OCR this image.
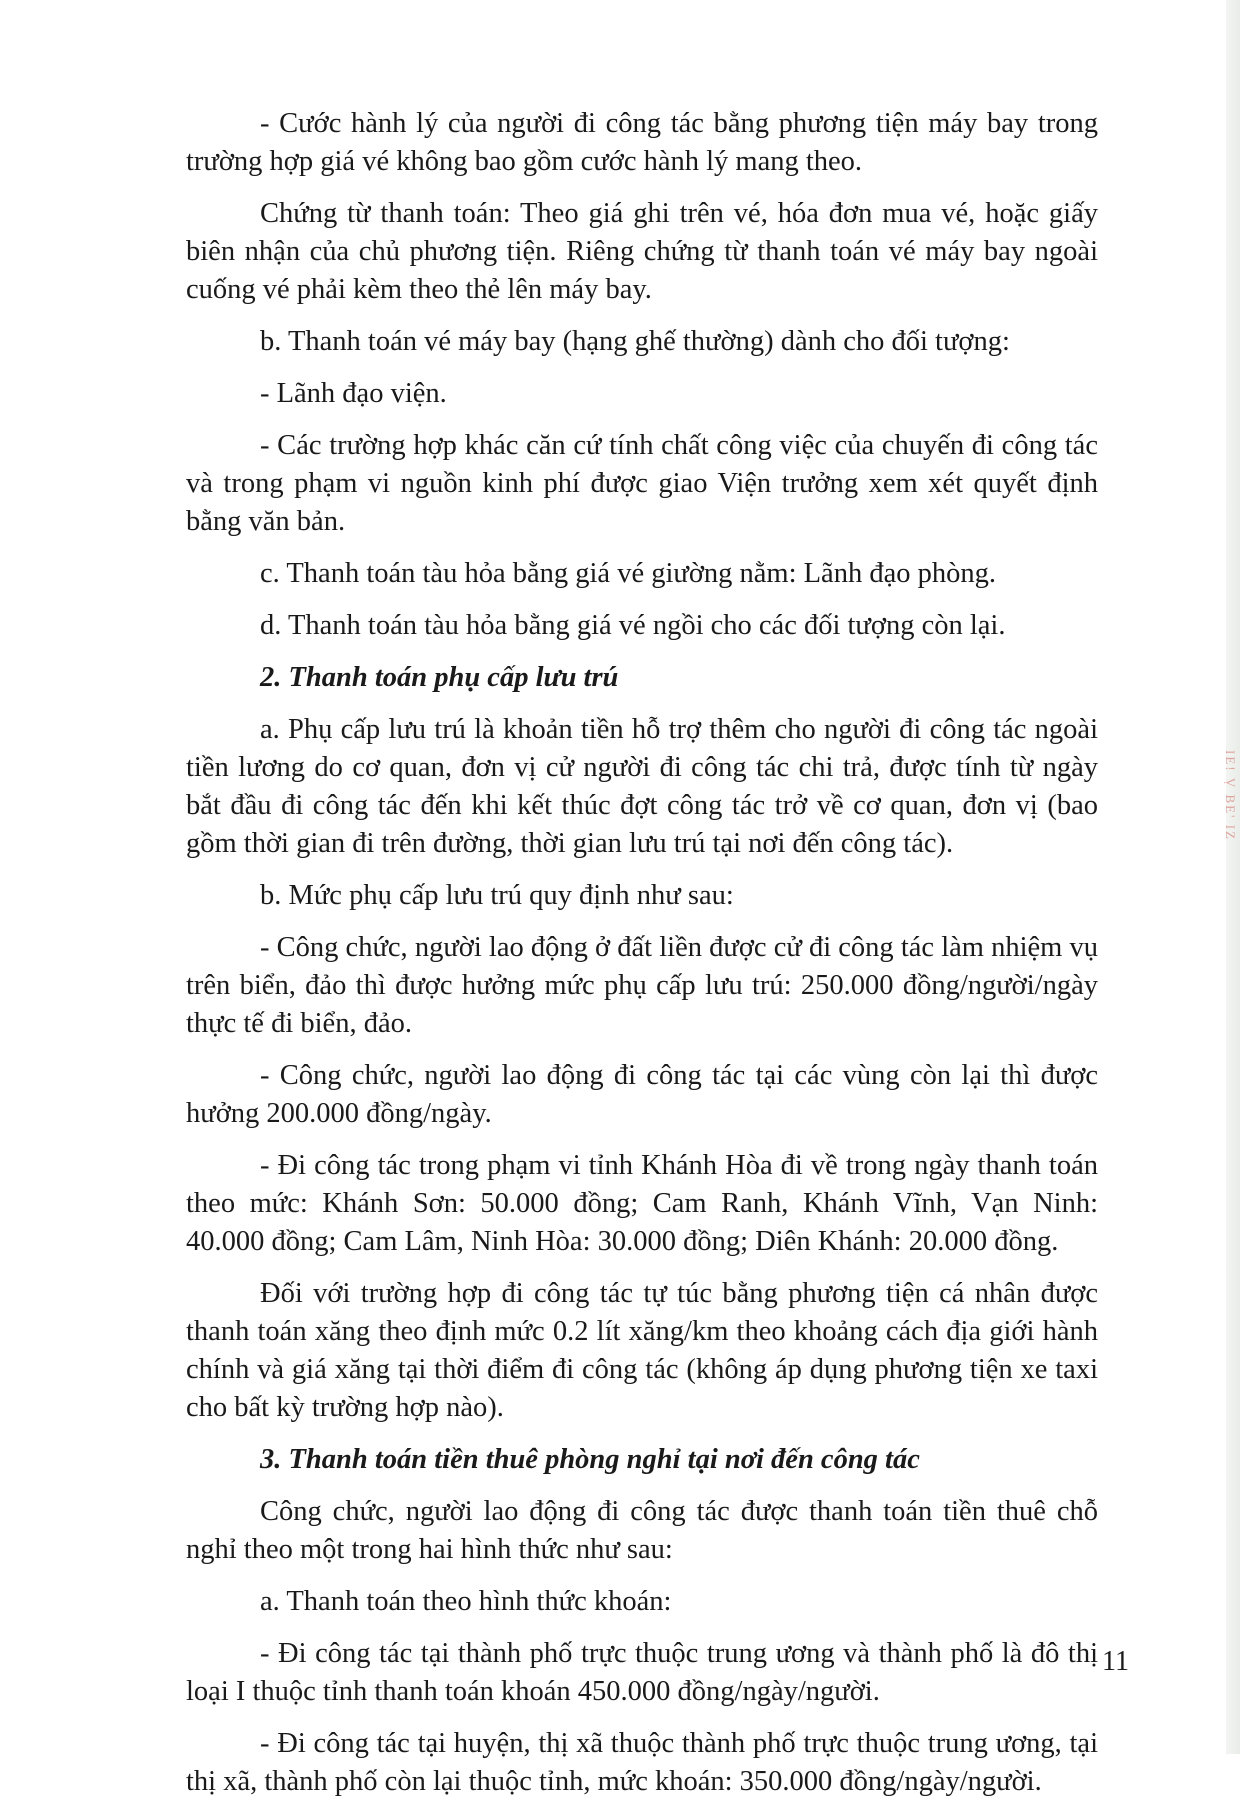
- Cước hành lý của người đi công tác bằng phương tiện máy bay trong trường hợp giá vé không bao gồm cước hành lý mang theo.

Chứng từ thanh toán: Theo giá ghi trên vé, hóa đơn mua vé, hoặc giấy biên nhận của chủ phương tiện. Riêng chứng từ thanh toán vé máy bay ngoài cuống vé phải kèm theo thẻ lên máy bay.

b. Thanh toán vé máy bay (hạng ghế thường) dành cho đối tượng:

- Lãnh đạo viện.

- Các trường hợp khác căn cứ tính chất công việc của chuyến đi công tác và trong phạm vi nguồn kinh phí được giao Viện trưởng xem xét quyết định bằng văn bản.

c. Thanh toán tàu hỏa bằng giá vé giường nằm: Lãnh đạo phòng.

d. Thanh toán tàu hỏa bằng giá vé ngồi cho các đối tượng còn lại.

2. Thanh toán phụ cấp lưu trú

a. Phụ cấp lưu trú là khoản tiền hỗ trợ thêm cho người đi công tác ngoài tiền lương do cơ quan, đơn vị cử người đi công tác chi trả, được tính từ ngày bắt đầu đi công tác đến khi kết thúc đợt công tác trở về cơ quan, đơn vị (bao gồm thời gian đi trên đường, thời gian lưu trú tại nơi đến công tác).

b. Mức phụ cấp lưu trú quy định như sau:

- Công chức, người lao động ở đất liền được cử đi công tác làm nhiệm vụ trên biển, đảo thì được hưởng mức phụ cấp lưu trú: 250.000 đồng/người/ngày thực tế đi biển, đảo.

- Công chức, người lao động đi công tác tại các vùng còn lại thì được hưởng 200.000 đồng/ngày.

- Đi công tác trong phạm vi tỉnh Khánh Hòa đi về trong ngày thanh toán theo mức: Khánh Sơn: 50.000 đồng; Cam Ranh, Khánh Vĩnh, Vạn Ninh: 40.000 đồng; Cam Lâm, Ninh Hòa: 30.000 đồng; Diên Khánh: 20.000 đồng.

Đối với trường hợp đi công tác tự túc bằng phương tiện cá nhân được thanh toán xăng theo định mức 0.2 lít xăng/km theo khoảng cách địa giới hành chính và giá xăng tại thời điểm đi công tác (không áp dụng phương tiện xe taxi cho bất kỳ trường hợp nào).

3. Thanh toán tiền thuê phòng nghỉ tại nơi đến công tác

Công chức, người lao động đi công tác được thanh toán tiền thuê chỗ nghỉ theo một trong hai hình thức như sau:

a. Thanh toán theo hình thức khoán:

- Đi công tác tại thành phố trực thuộc trung ương và thành phố là đô thị loại I thuộc tỉnh thanh toán khoán 450.000 đồng/ngày/người.

- Đi công tác tại huyện, thị xã thuộc thành phố trực thuộc trung ương, tại thị xã, thành phố còn lại thuộc tỉnh, mức khoán: 350.000 đồng/ngày/người.

IE! Ṿ BE' IZ
11
